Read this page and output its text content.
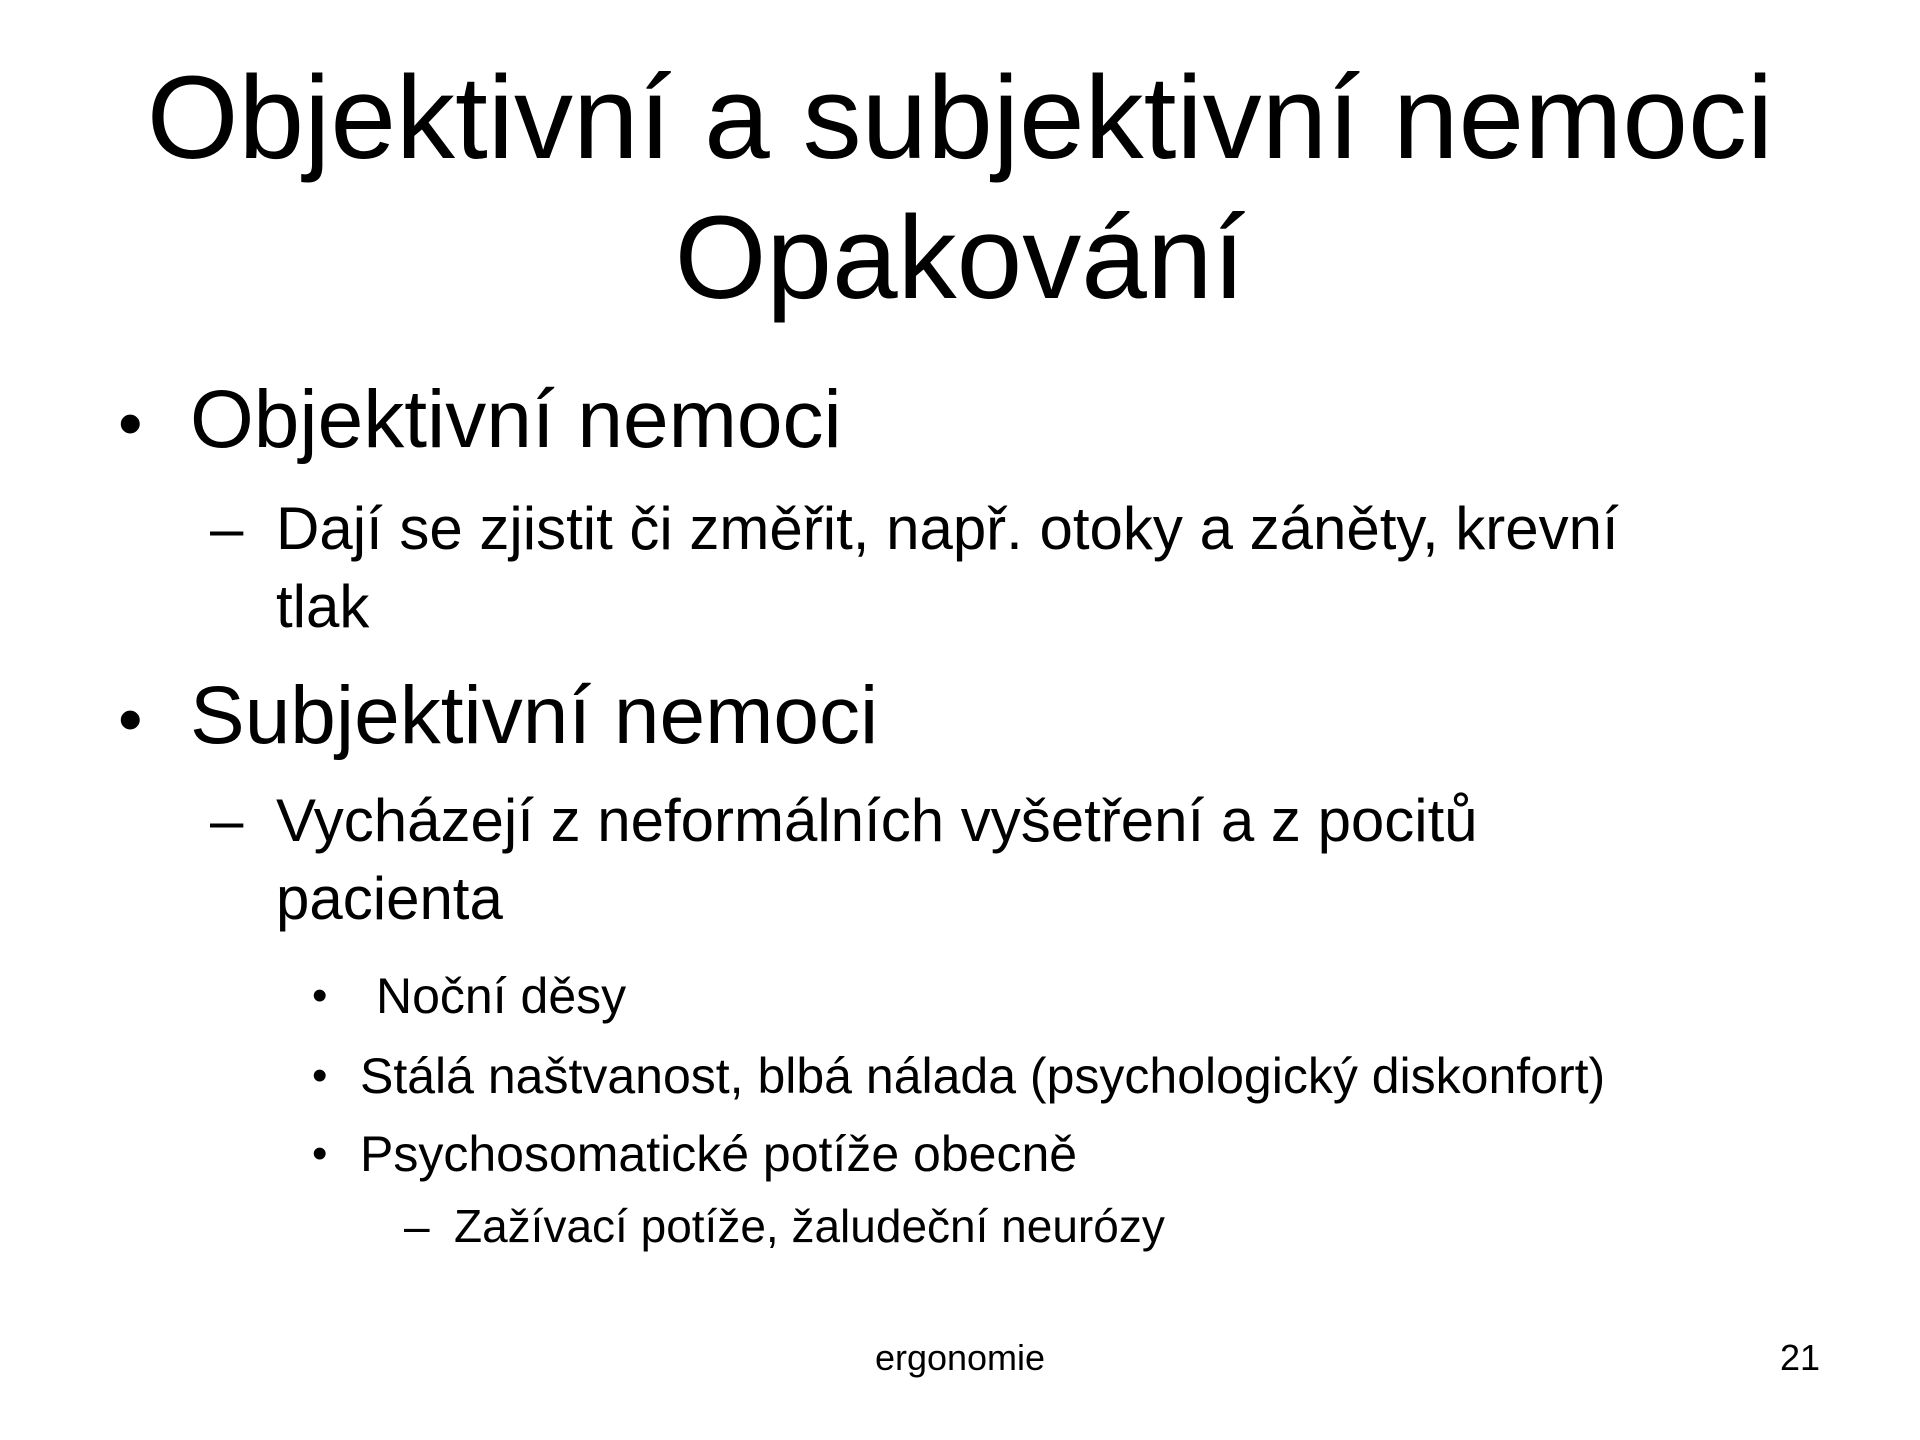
Objektivní a subjektivní nemoci
Opakování
• Objektivní nemoci
– Dají se zjistit či změřit, např. otoky a záněty, krevní
tlak
• Subjektivní nemoci
– Vycházejí z neformálních vyšetření a z pocitů
pacienta
• Noční děsy
• Stálá naštvanost, blbá nálada (psychologický diskonfort)
• Psychosomatické potíže obecně
– Zažívací potíže, žaludeční neurózy
ergonomie	21
